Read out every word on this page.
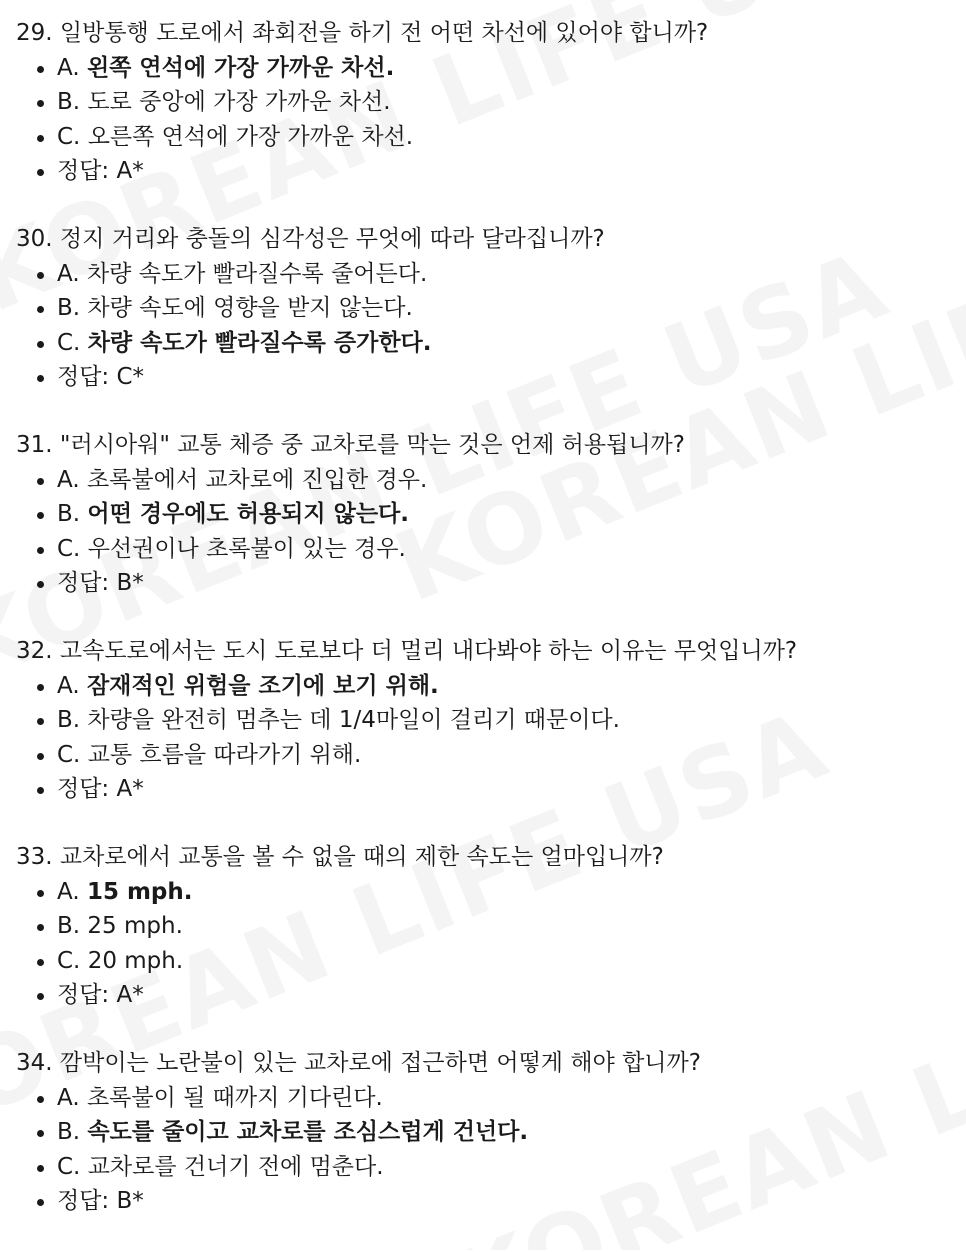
29. 일방통행 도로에서 좌회전을 하기 전 어떤 차선에 있어야 합니까?

A. 왼쪽 연석에 가장 가까운 차선.
B. 도로 중앙에 가장 가까운 차선.
C. 오른쪽 연석에 가장 가까운 차선.
정답: A*

30. 정지 거리와 충돌의 심각성은 무엇에 따라 달라집니까?

A. 차량 속도가 빨라질수록 줄어든다.
B. 차량 속도에 영향을 받지 않는다.
C. 차량 속도가 빨라질수록 증가한다.
정답: C*

31. "러시아워" 교통 체증 중 교차로를 막는 것은 언제 허용됩니까?

A. 초록불에서 교차로에 진입한 경우.
B. 어떤 경우에도 허용되지 않는다.
C. 우선권이나 초록불이 있는 경우.
정답: B*

32. 고속도로에서는 도시 도로보다 더 멀리 내다봐야 하는 이유는 무엇입니까?

A. 잠재적인 위험을 조기에 보기 위해.
B. 차량을 완전히 멈추는 데 1/4마일이 걸리기 때문이다.
C. 교통 흐름을 따라가기 위해.
정답: A*

33. 교차로에서 교통을 볼 수 없을 때의 제한 속도는 얼마입니까?

A. 15 mph.
B. 25 mph.
C. 20 mph.
정답: A*

34. 깜박이는 노란불이 있는 교차로에 접근하면 어떻게 해야 합니까?

A. 초록불이 될 때까지 기다린다.
B. 속도를 줄이고 교차로를 조심스럽게 건넌다.
C. 교차로를 건너기 전에 멈춘다.
정답: B*
